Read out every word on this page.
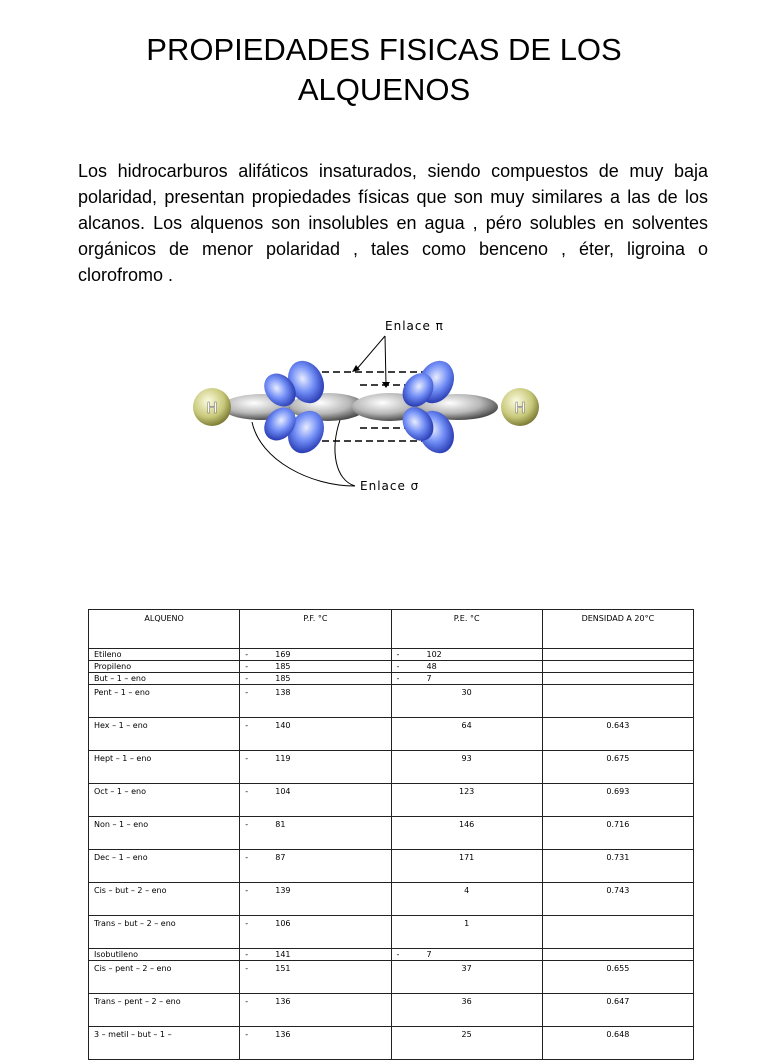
PROPIEDADES FISICAS DE LOS
ALQUENOS

Los hidrocarburos alifáticos insaturados, siendo compuestos de muy baja polaridad, presentan propiedades físicas que son muy similares a las de los alcanos. Los alquenos son insolubles en agua , péro solubles en solventes orgánicos de menor polaridad , tales como benceno , éter, ligroina o clorofromo .

H	H
Enlace π
Enlace σ
ALQUENO	P.F. °C	P.E. °C	DENSIDAD A 20°C
Etileno	- 169	- 102	
Propileno	- 185	- 48	
But – 1 – eno	- 185	- 7	
Pent – 1 – eno	- 138	30	
Hex – 1 – eno	- 140	64	0.643
Hept – 1 – eno	- 119	93	0.675
Oct – 1 – eno	- 104	123	0.693
Non – 1 – eno	- 81	146	0.716
Dec – 1 – eno	- 87	171	0.731
Cis – but – 2 – eno	- 139	4	0.743
Trans – but – 2 – eno	- 106	1	
Isobutileno	- 141	- 7	
Cis – pent – 2 – eno	- 151	37	0.655
Trans – pent – 2 – eno	- 136	36	0.647
3 – metil – but – 1 –	- 136	25	0.648
